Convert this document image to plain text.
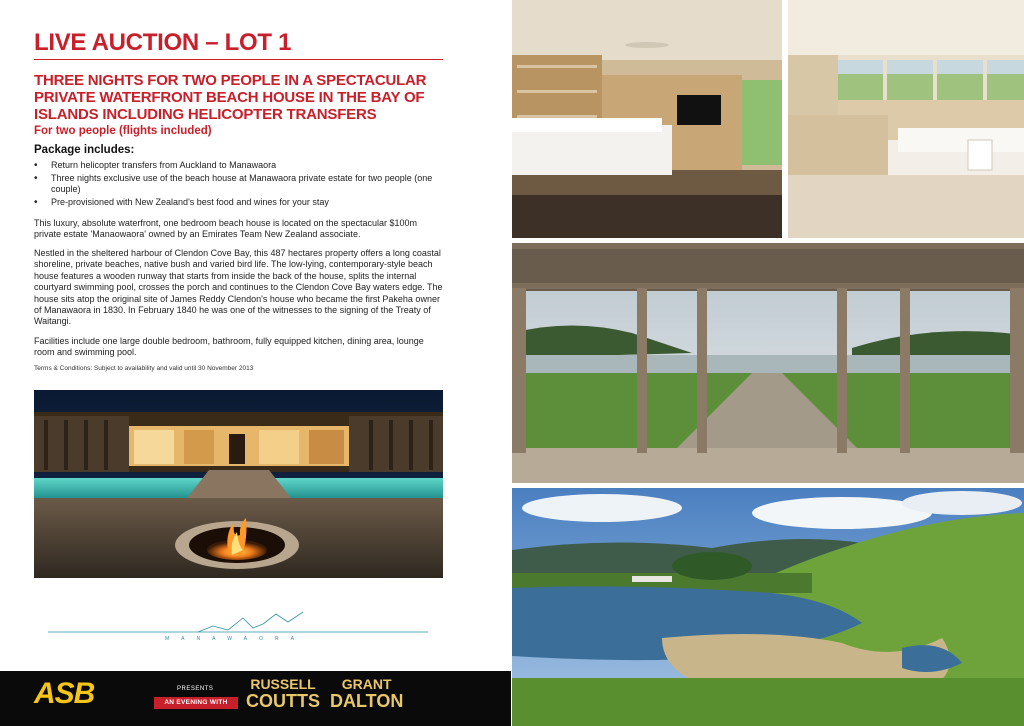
LIVE AUCTION – LOT 1
THREE NIGHTS FOR TWO PEOPLE IN A SPECTACULAR PRIVATE WATERFRONT BEACH HOUSE IN THE BAY OF ISLANDS INCLUDING HELICOPTER TRANSFERS
For two people (flights included)
Package includes:
• Return helicopter transfers from Auckland to Manawaora
• Three nights exclusive use of the beach house at Manawaora private estate for two people (one couple)
• Pre-provisioned with New Zealand's best food and wines for your stay

This luxury, absolute waterfront, one bedroom beach house is located on the spectacular $100m private estate 'Manaowaora' owned by an Emirates Team New Zealand associate.

Nestled in the sheltered harbour of Clendon Cove Bay, this 487 hectares property offers a long coastal shoreline, private beaches, native bush and varied bird life. The low-lying, contemporary-style beach house features a wooden runway that starts from inside the back of the house, splits the internal courtyard swimming pool, crosses the porch and continues to the Clendon Cove Bay waters edge. The house sits atop the original site of James Reddy Clendon's house who became the first Pakeha owner of Manawaora in 1830. In February 1840 he was one of the witnesses to the signing of the Treaty of Waitangi.

Facilities include one large double bedroom, bathroom, fully equipped kitchen, dining area, lounge room and swimming pool.

Terms & Conditions: Subject to availability and valid until 30 November 2013
MANAWAORA
ASB	PRESENTS
AN EVENING WITH
RUSSELL
COUTTS
GRANT
DALTON
